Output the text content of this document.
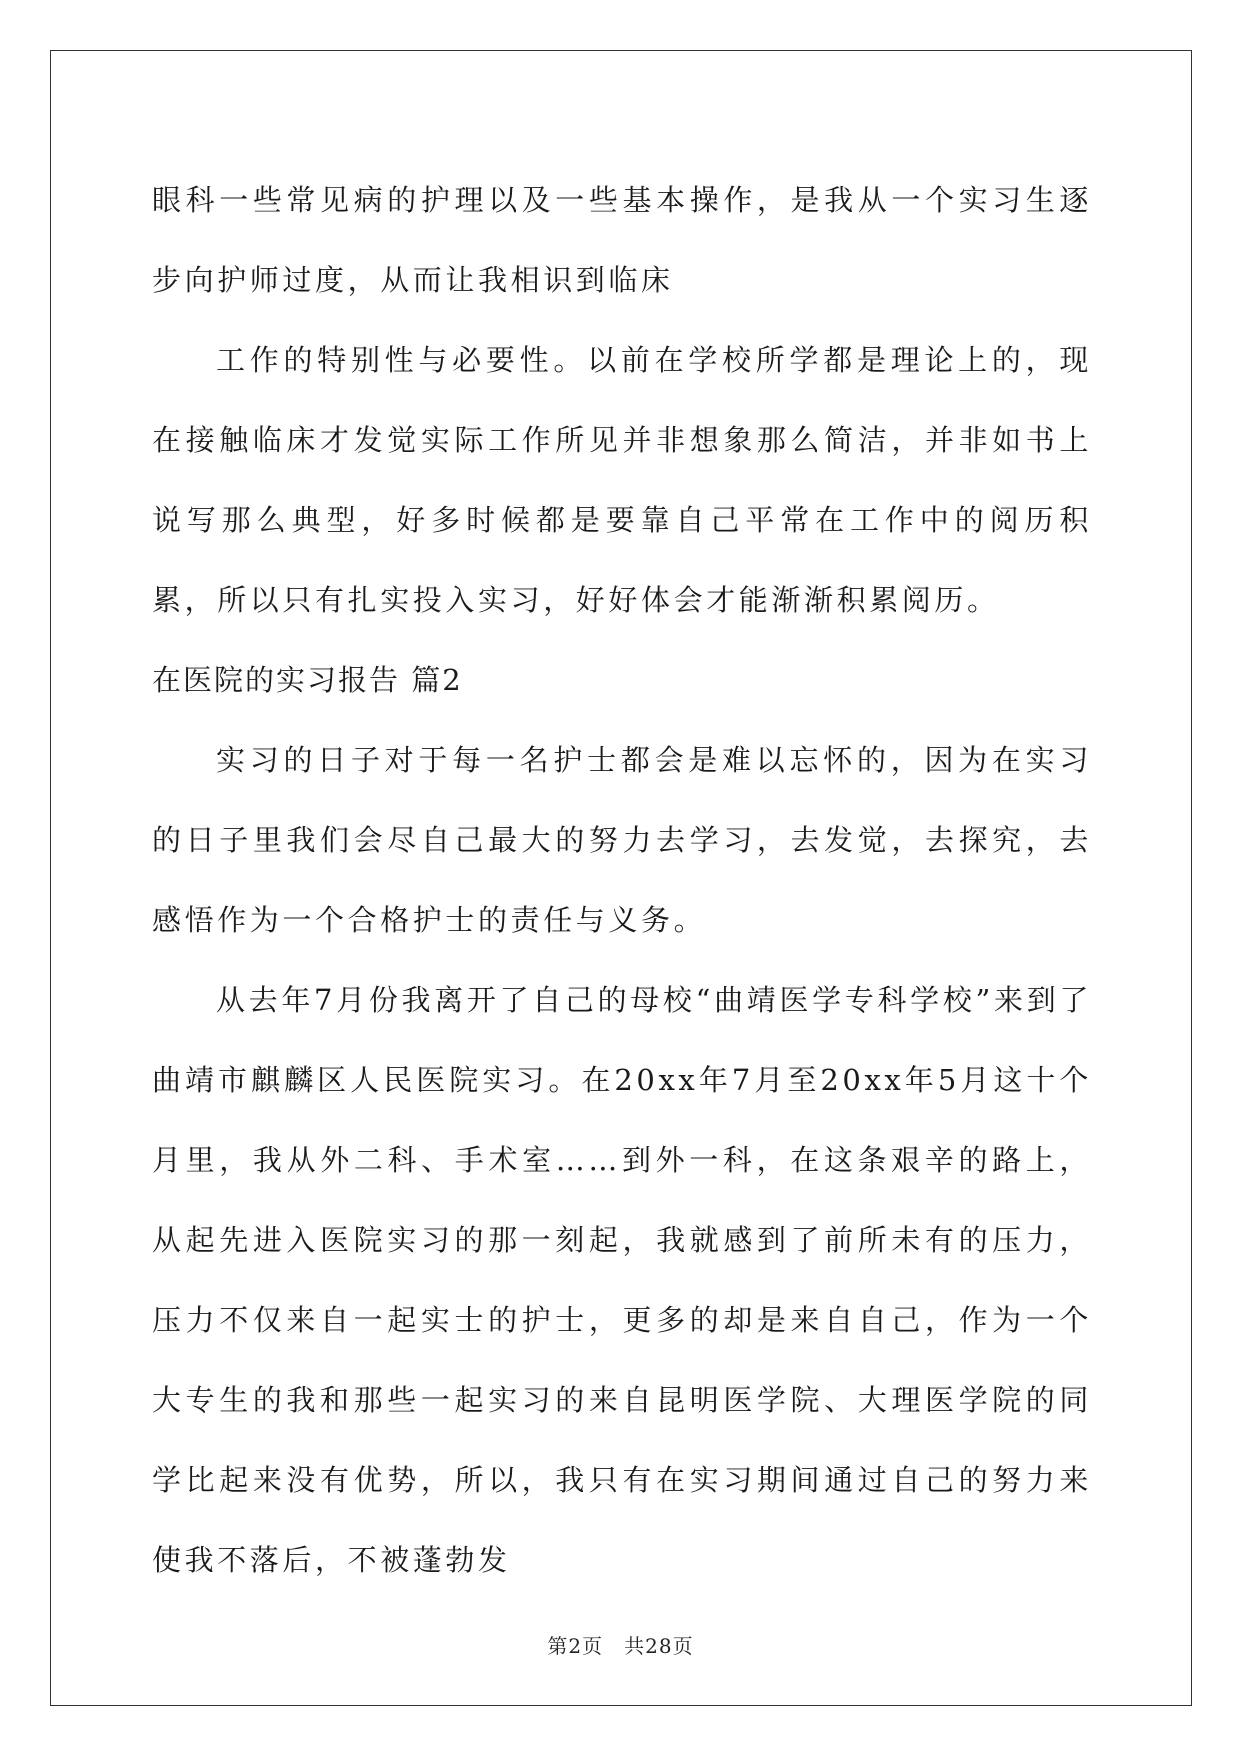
眼科一些常见病的护理以及一些基本操作，是我从一个实习生逐步向护师过度，从而让我相识到临床

工作的特别性与必要性。以前在学校所学都是理论上的，现在接触临床才发觉实际工作所见并非想象那么简洁，并非如书上说写那么典型，好多时候都是要靠自己平常在工作中的阅历积累，所以只有扎实投入实习，好好体会才能渐渐积累阅历。

在医院的实习报告 篇2

实习的日子对于每一名护士都会是难以忘怀的，因为在实习的日子里我们会尽自己最大的努力去学习，去发觉，去探究，去感悟作为一个合格护士的责任与义务。

从去年7月份我离开了自己的母校“曲靖医学专科学校”来到了曲靖市麒麟区人民医院实习。在20xx年7月至20xx年5月这十个月里，我从外二科、手术室……到外一科，在这条艰辛的路上，从起先进入医院实习的那一刻起，我就感到了前所未有的压力，压力不仅来自一起实士的护士，更多的却是来自自己，作为一个大专生的我和那些一起实习的来自昆明医学院、大理医学院的同学比起来没有优势，所以，我只有在实习期间通过自己的努力来使我不落后，不被蓬勃发

第2页　共28页
